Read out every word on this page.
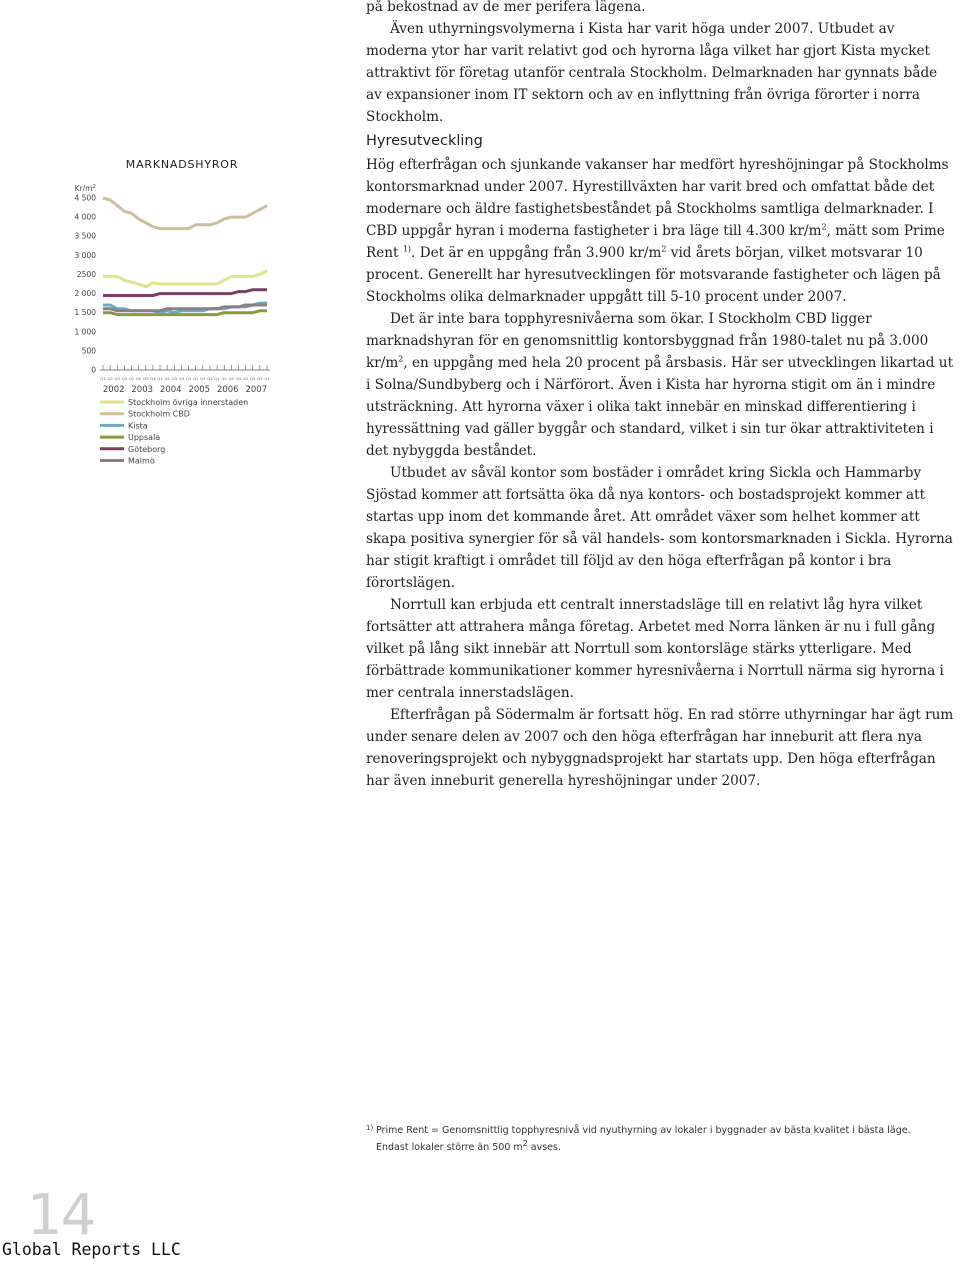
på bekostnad av de mer perifera lägena.

Även uthyrningsvolymerna i Kista har varit höga under 2007. Utbudet av moderna ytor har varit relativt god och hyrorna låga vilket har gjort Kista mycket attraktivt för företag utanför centrala Stockholm. Delmarknaden har gynnats både av expansioner inom IT sektorn och av en inflyttning från övriga förorter i norra Stockholm.

Hyresutveckling

Hög efterfrågan och sjunkande vakanser har medfört hyreshöjningar på Stockholms kontorsmarknad under 2007. Hyrestillväxten har varit bred och omfattat både det modernare och äldre fastighetsbeståndet på Stockholms samtliga delmarknader. I CBD uppgår hyran i moderna fastigheter i bra läge till 4.300 $kr/m^2$, mätt som Prime Rent $^{1)}$. Det är en uppgång från 3.900 $kr/m^2$ vid årets början, vilket motsvarar 10 procent. Generellt har hyresutvecklingen för motsvarande fastigheter och lägen på Stockholms olika delmarknader uppgått till 5-10 procent under 2007.

Det är inte bara topphyresnivåerna som ökar. I Stockholm CBD ligger marknadshyran för en genomsnittlig kontorsbyggnad från 1980-talet nu på 3.000 $kr/m^2$, en uppgång med hela 20 procent på årsbasis. Här ser utvecklingen likartad ut i Solna/Sundbyberg och i Närförort. Även i Kista har hyrorna stigit om än i mindre utsträckning. Att hyrorna växer i olika takt innebär en minskad differentiering i hyressättning vad gäller byggår och standard, vilket i sin tur ökar attraktiviteten i det nybyggda beståndet.

Utbudet av såväl kontor som bostäder i området kring Sickla och Hammarby Sjöstad kommer att fortsätta öka då nya kontors- och bostadsprojekt kommer att startas upp inom det kommande året. Att området växer som helhet kommer att skapa positiva synergier för så väl handels- som kontorsmarknaden i Sickla. Hyrorna har stigit kraftigt i området till följd av den höga efterfrågan på kontor i bra förortslägen.

Norrtull kan erbjuda ett centralt innerstadsläge till en relativt låg hyra vilket fortsätter att attrahera många företag. Arbetet med Norra länken är nu i full gång vilket på lång sikt innebär att Norrtull som kontorsläge stärks ytterligare. Med förbättrade kommunikationer kommer hyresnivåerna i Norrtull närma sig hyrorna i mer centrala innerstadslägen.

Efterfrågan på Södermalm är fortsatt hög. En rad större uthyrningar har ägt rum under senare delen av 2007 och den höga efterfrågan har inneburit att flera nya renoveringsprojekt och nybyggnadsprojekt har startats upp. Den höga efterfrågan har även inneburit generella hyreshöjningar under 2007.

MARKNADSHYROR
$Kr/m^2$
0
500
1 000
1 500
2 000
2500
3 000
3 500
4 000
4 500
Q1 Q2 Q3 Q4 Q1 Q2 Q3 Q4 Q1 Q2 Q3 Q4 Q1 Q2 Q3 Q4 Q1 Q2 Q3 Q4 Q1 Q2 Q3 Q4
2002 2003 2004 2005 2006 2007
Stockholm övriga innerstaden
Stockholm CBD
Kista
Uppsala
Göteborg
Malmö
1) Prime Rent = Genomsnittlig topphyresnivå vid nyuthyrning av lokaler i byggnader av bästa kvalitet i bästa läge.
Endast lokaler större än 500 $m^2$ avses.
14
Global Reports LLC
